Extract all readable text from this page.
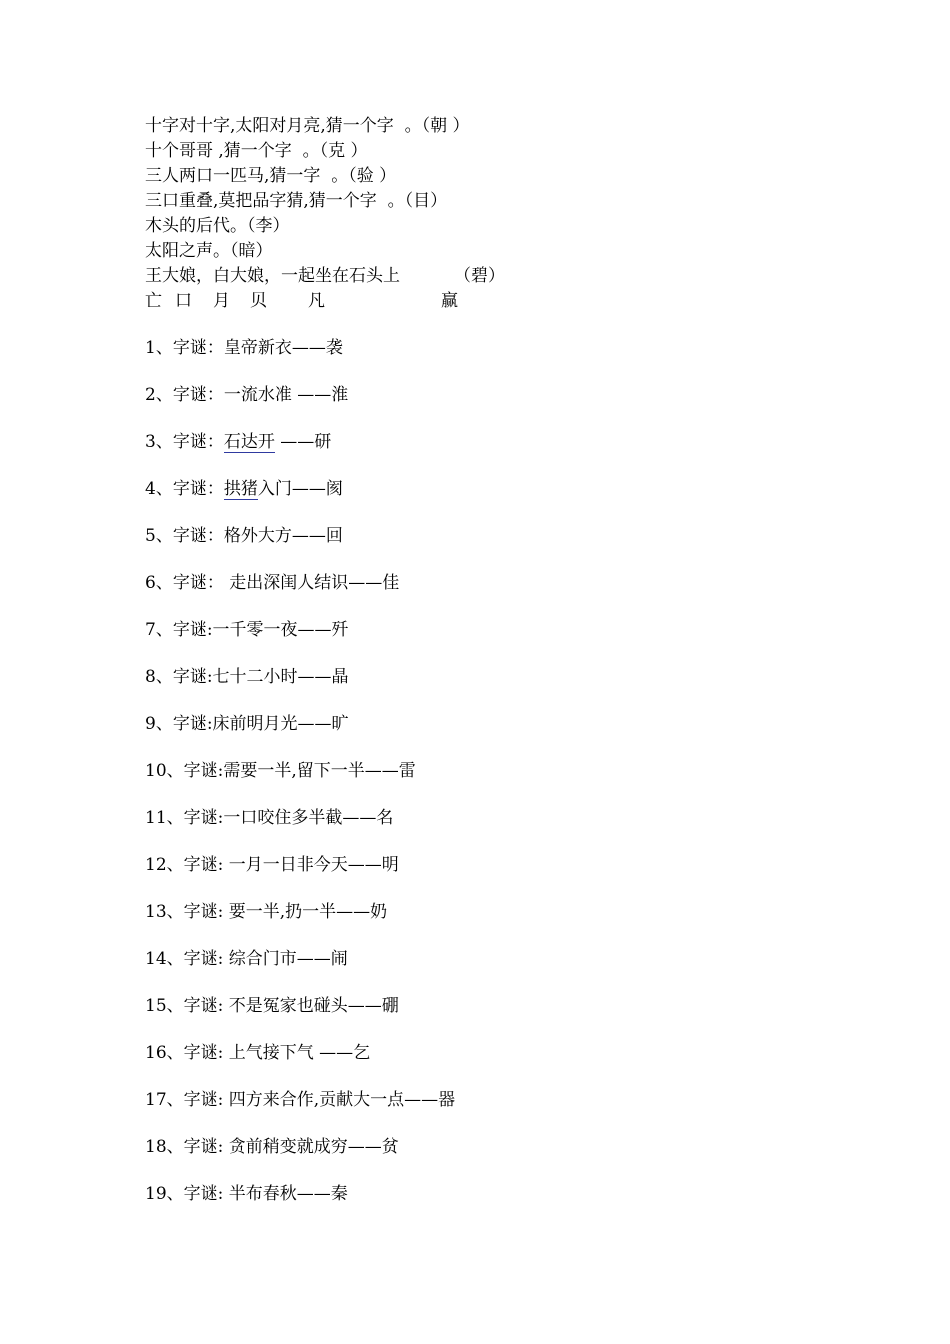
十字对十字,太阳对月亮,猜一个字  。（朝 ）
十个哥哥 ,猜一个字  。（克 ）
三人两口一匹马,猜一字  。（验 ）
三口重叠,莫把品字猜,猜一个字  。（目）
木头的后代。（李）
太阳之声。（暗）
王大娘，白大娘，一起坐在石头上          （碧）

亡

口

月

贝

凡

	赢

1、字谜：皇帝新衣——袭
2、字谜：一流水准 ——淮
3、字谜：石达开 ——研
4、字谜：拱猪入门——阂
5、字谜：格外大方——回
6、字谜： 走出深闺人结识——佳
7、字谜:一千零一夜——歼
8、字谜:七十二小时——晶
9、字谜:床前明月光——旷
10、字谜:需要一半,留下一半——雷
11、字谜:一口咬住多半截——名
12、字谜: 一月一日非今天——明
13、字谜: 要一半,扔一半——奶
14、字谜: 综合门市——闹
15、字谜: 不是冤家也碰头——硼
16、字谜: 上气接下气 ——乞
17、字谜: 四方来合作,贡献大一点——器
18、字谜: 贪前稍变就成穷——贫
19、字谜: 半布春秋——秦
